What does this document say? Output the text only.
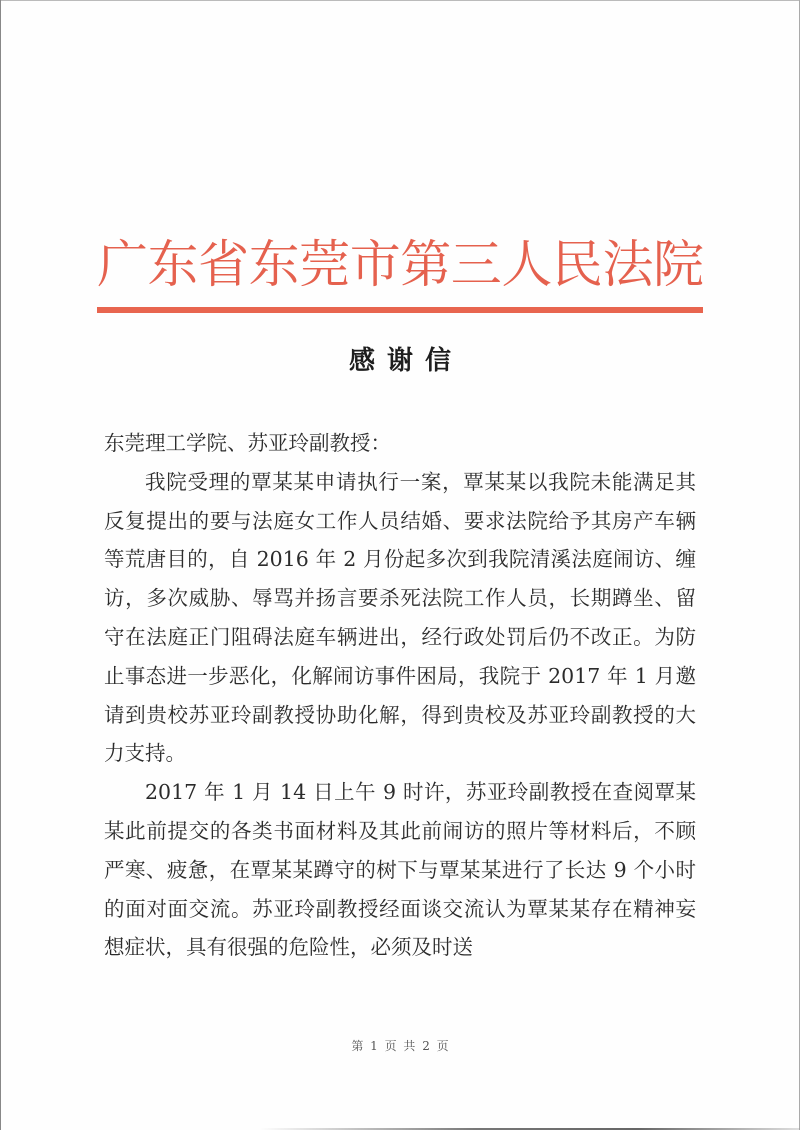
广东省东莞市第三人民法院
感谢信

东莞理工学院、苏亚玲副教授：

我院受理的覃某某申请执行一案，覃某某以我院未能满足其反复提出的要与法庭女工作人员结婚、要求法院给予其房产车辆等荒唐目的，自 2016 年 2 月份起多次到我院清溪法庭闹访、缠访，多次威胁、辱骂并扬言要杀死法院工作人员，长期蹲坐、留守在法庭正门阻碍法庭车辆进出，经行政处罚后仍不改正。为防止事态进一步恶化，化解闹访事件困局，我院于 2017 年 1 月邀请到贵校苏亚玲副教授协助化解，得到贵校及苏亚玲副教授的大力支持。

2017 年 1 月 14 日上午 9 时许，苏亚玲副教授在查阅覃某某此前提交的各类书面材料及其此前闹访的照片等材料后，不顾严寒、疲惫，在覃某某蹲守的树下与覃某某进行了长达 9 个小时的面对面交流。苏亚玲副教授经面谈交流认为覃某某存在精神妄想症状，具有很强的危险性，必须及时送

第 1 页 共 2 页
